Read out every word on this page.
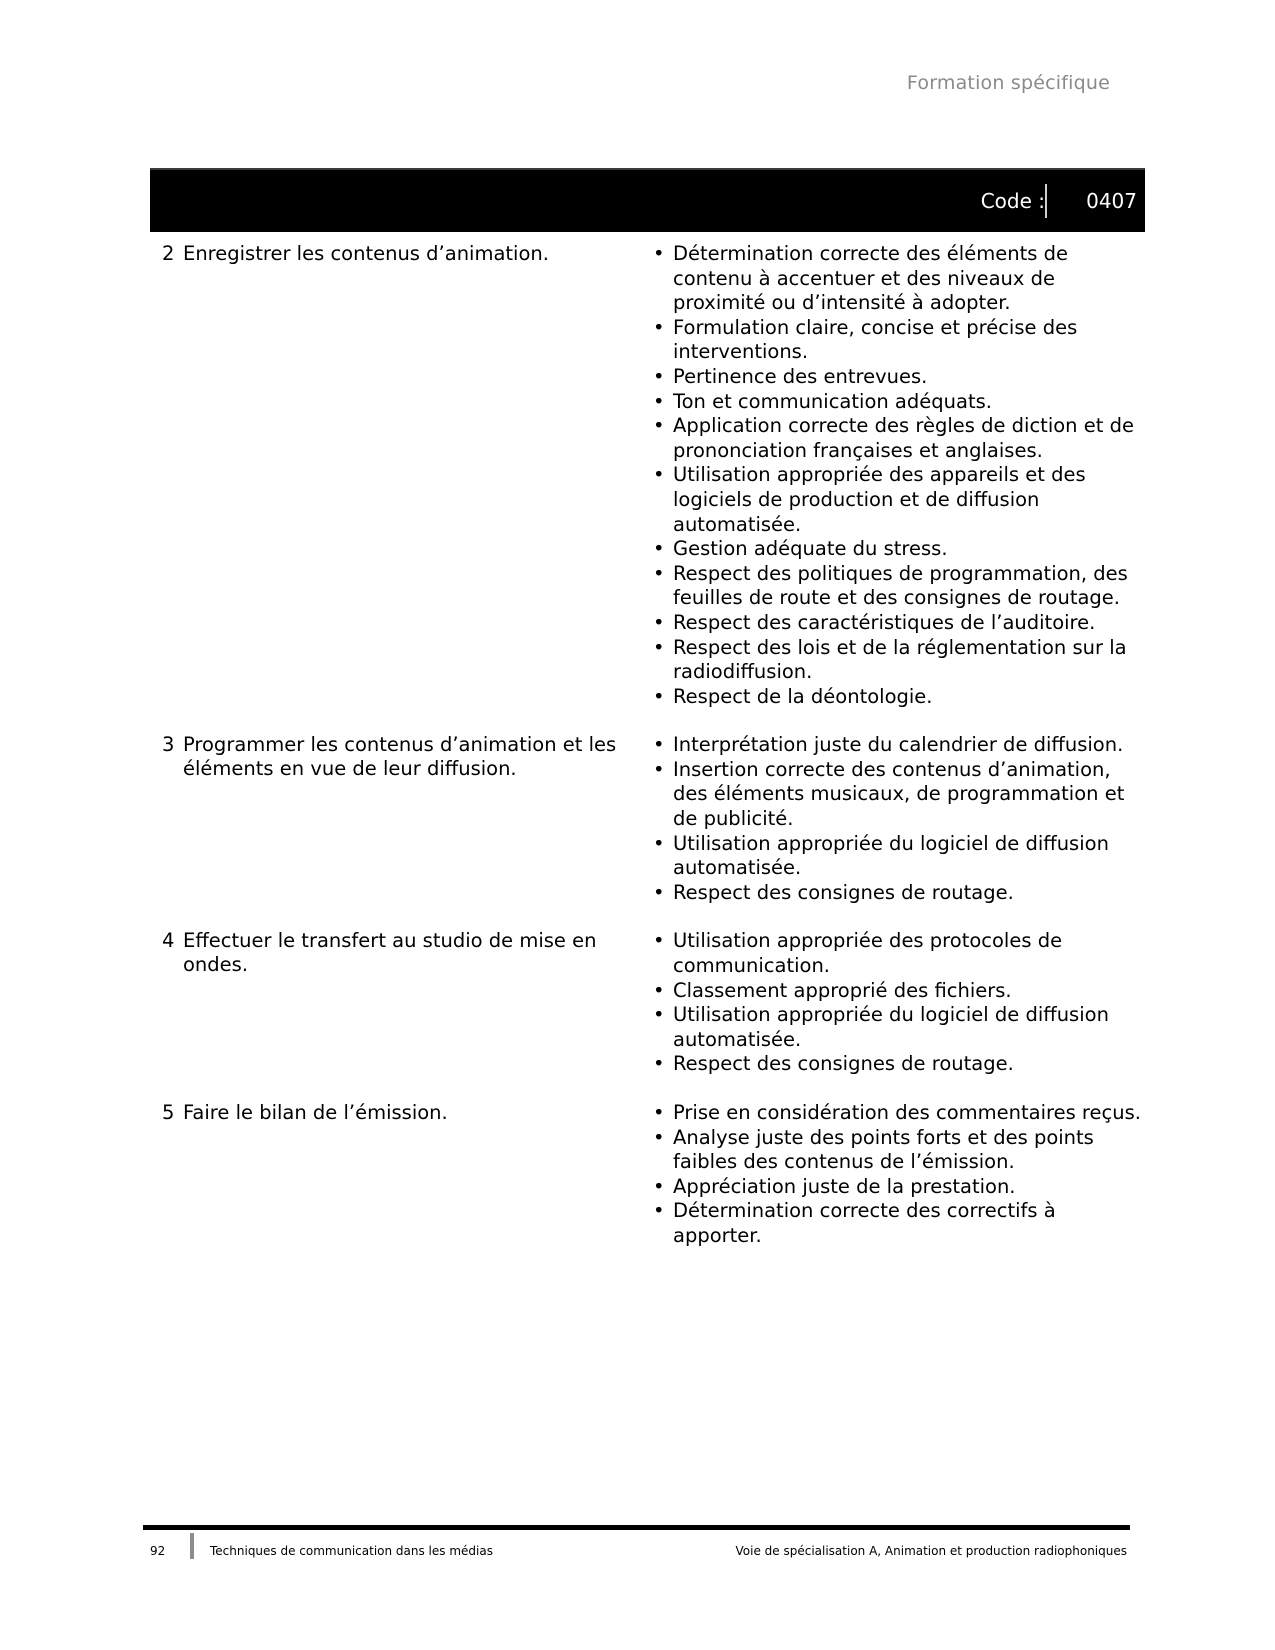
Formation spécifique
Code : 0407
2 Enregistrer les contenus d’animation.	• Détermination correcte des éléments de contenu à accentuer et des niveaux de proximité ou d’intensité à adopter.
• Formulation claire, concise et précise des interventions.
• Pertinence des entrevues.
• Ton et communication adéquats.
• Application correcte des règles de diction et de prononciation françaises et anglaises.
• Utilisation appropriée des appareils et des logiciels de production et de diffusion automatisée.
• Gestion adéquate du stress.
• Respect des politiques de programmation, des feuilles de route et des consignes de routage.
• Respect des caractéristiques de l’auditoire.
• Respect des lois et de la réglementation sur la radiodiffusion.
• Respect de la déontologie.
3 Programmer les contenus d’animation et les éléments en vue de leur diffusion.
• Interprétation juste du calendrier de diffusion.
• Insertion correcte des contenus d’animation, des éléments musicaux, de programmation et de publicité.
• Utilisation appropriée du logiciel de diffusion automatisée.
• Respect des consignes de routage.
4 Effectuer le transfert au studio de mise en ondes.
• Utilisation appropriée des protocoles de communication.
• Classement approprié des fichiers.
• Utilisation appropriée du logiciel de diffusion automatisée.
• Respect des consignes de routage.
5 Faire le bilan de l’émission.	• Prise en considération des commentaires reçus.
• Analyse juste des points forts et des points faibles des contenus de l’émission.
• Appréciation juste de la prestation.
• Détermination correcte des correctifs à apporter.
92	Techniques de communication dans les médias	Voie de spécialisation A, Animation et production radiophoniques
